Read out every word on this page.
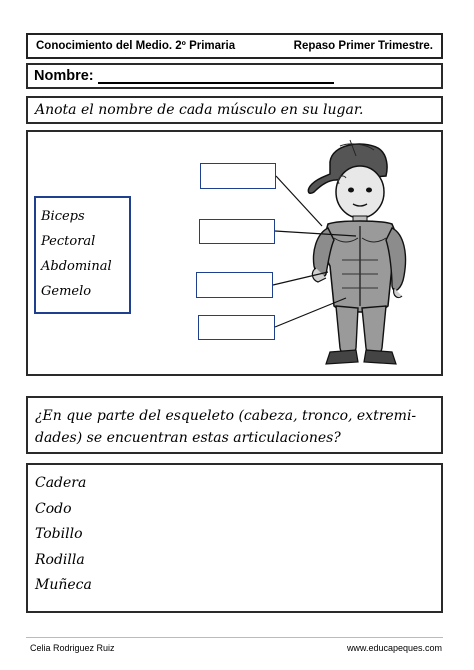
Conocimiento del Medio. 2º Primaria	Repaso Primer Trimestre.
Nombre:
Anota el nombre de cada músculo en su lugar.
Biceps
Pectoral
Abdominal
Gemelo
¿En que parte del esqueleto (cabeza, tronco, extremi-
dades) se encuentran estas articulaciones?
Cadera
Codo
Tobillo
Rodilla
Muñeca
Celia Rodriguez Ruiz	www.educapeques.com
